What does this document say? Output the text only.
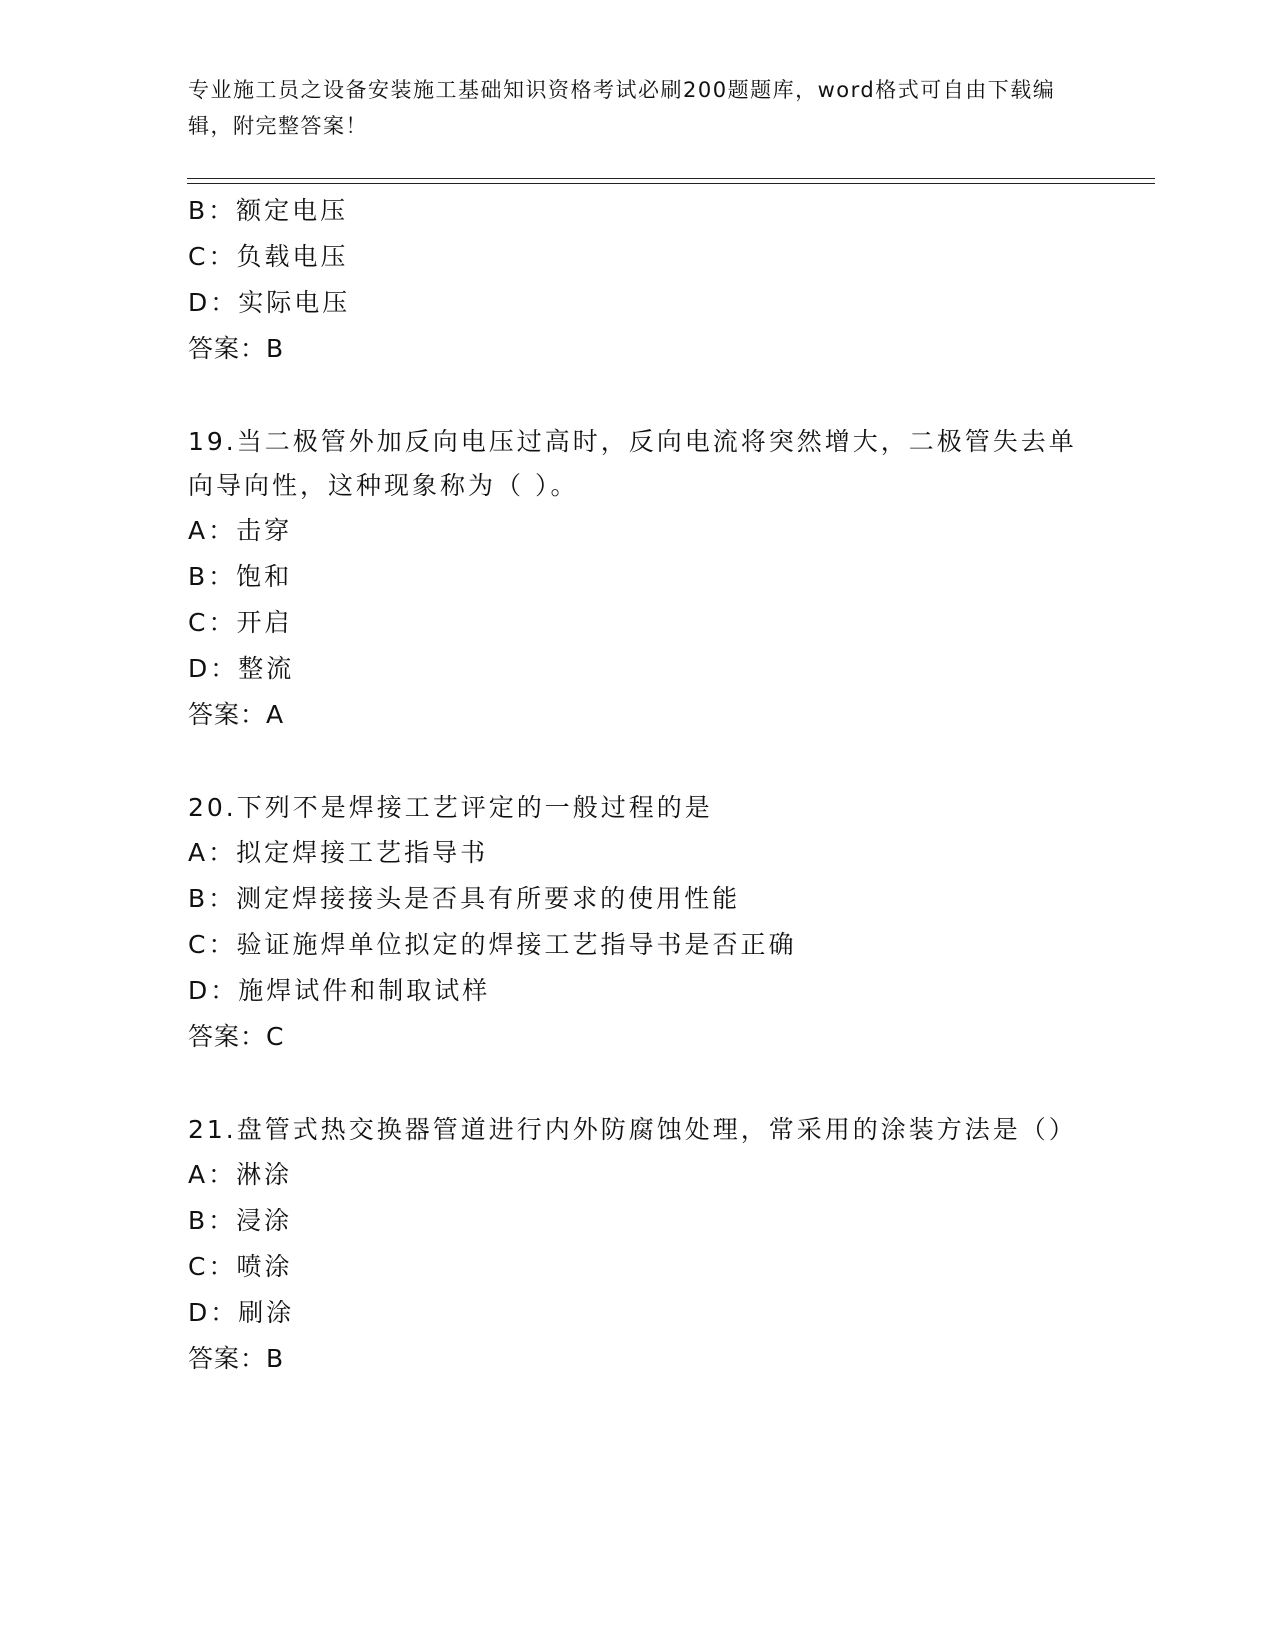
专业施工员之设备安装施工基础知识资格考试必刷200题题库，word格式可自由下载编辑，附完整答案！
B：额定电压
C：负载电压
D：实际电压
答案：B
19.当二极管外加反向电压过高时，反向电流将突然增大，二极管失去单向导向性，这种现象称为（ ）。
A：击穿
B：饱和
C：开启
D：整流
答案：A
20.下列不是焊接工艺评定的一般过程的是
A：拟定焊接工艺指导书
B：测定焊接接头是否具有所要求的使用性能
C：验证施焊单位拟定的焊接工艺指导书是否正确
D：施焊试件和制取试样
答案：C
21.盘管式热交换器管道进行内外防腐蚀处理，常采用的涂装方法是（）
A：淋涂
B：浸涂
C：喷涂
D：刷涂
答案：B
